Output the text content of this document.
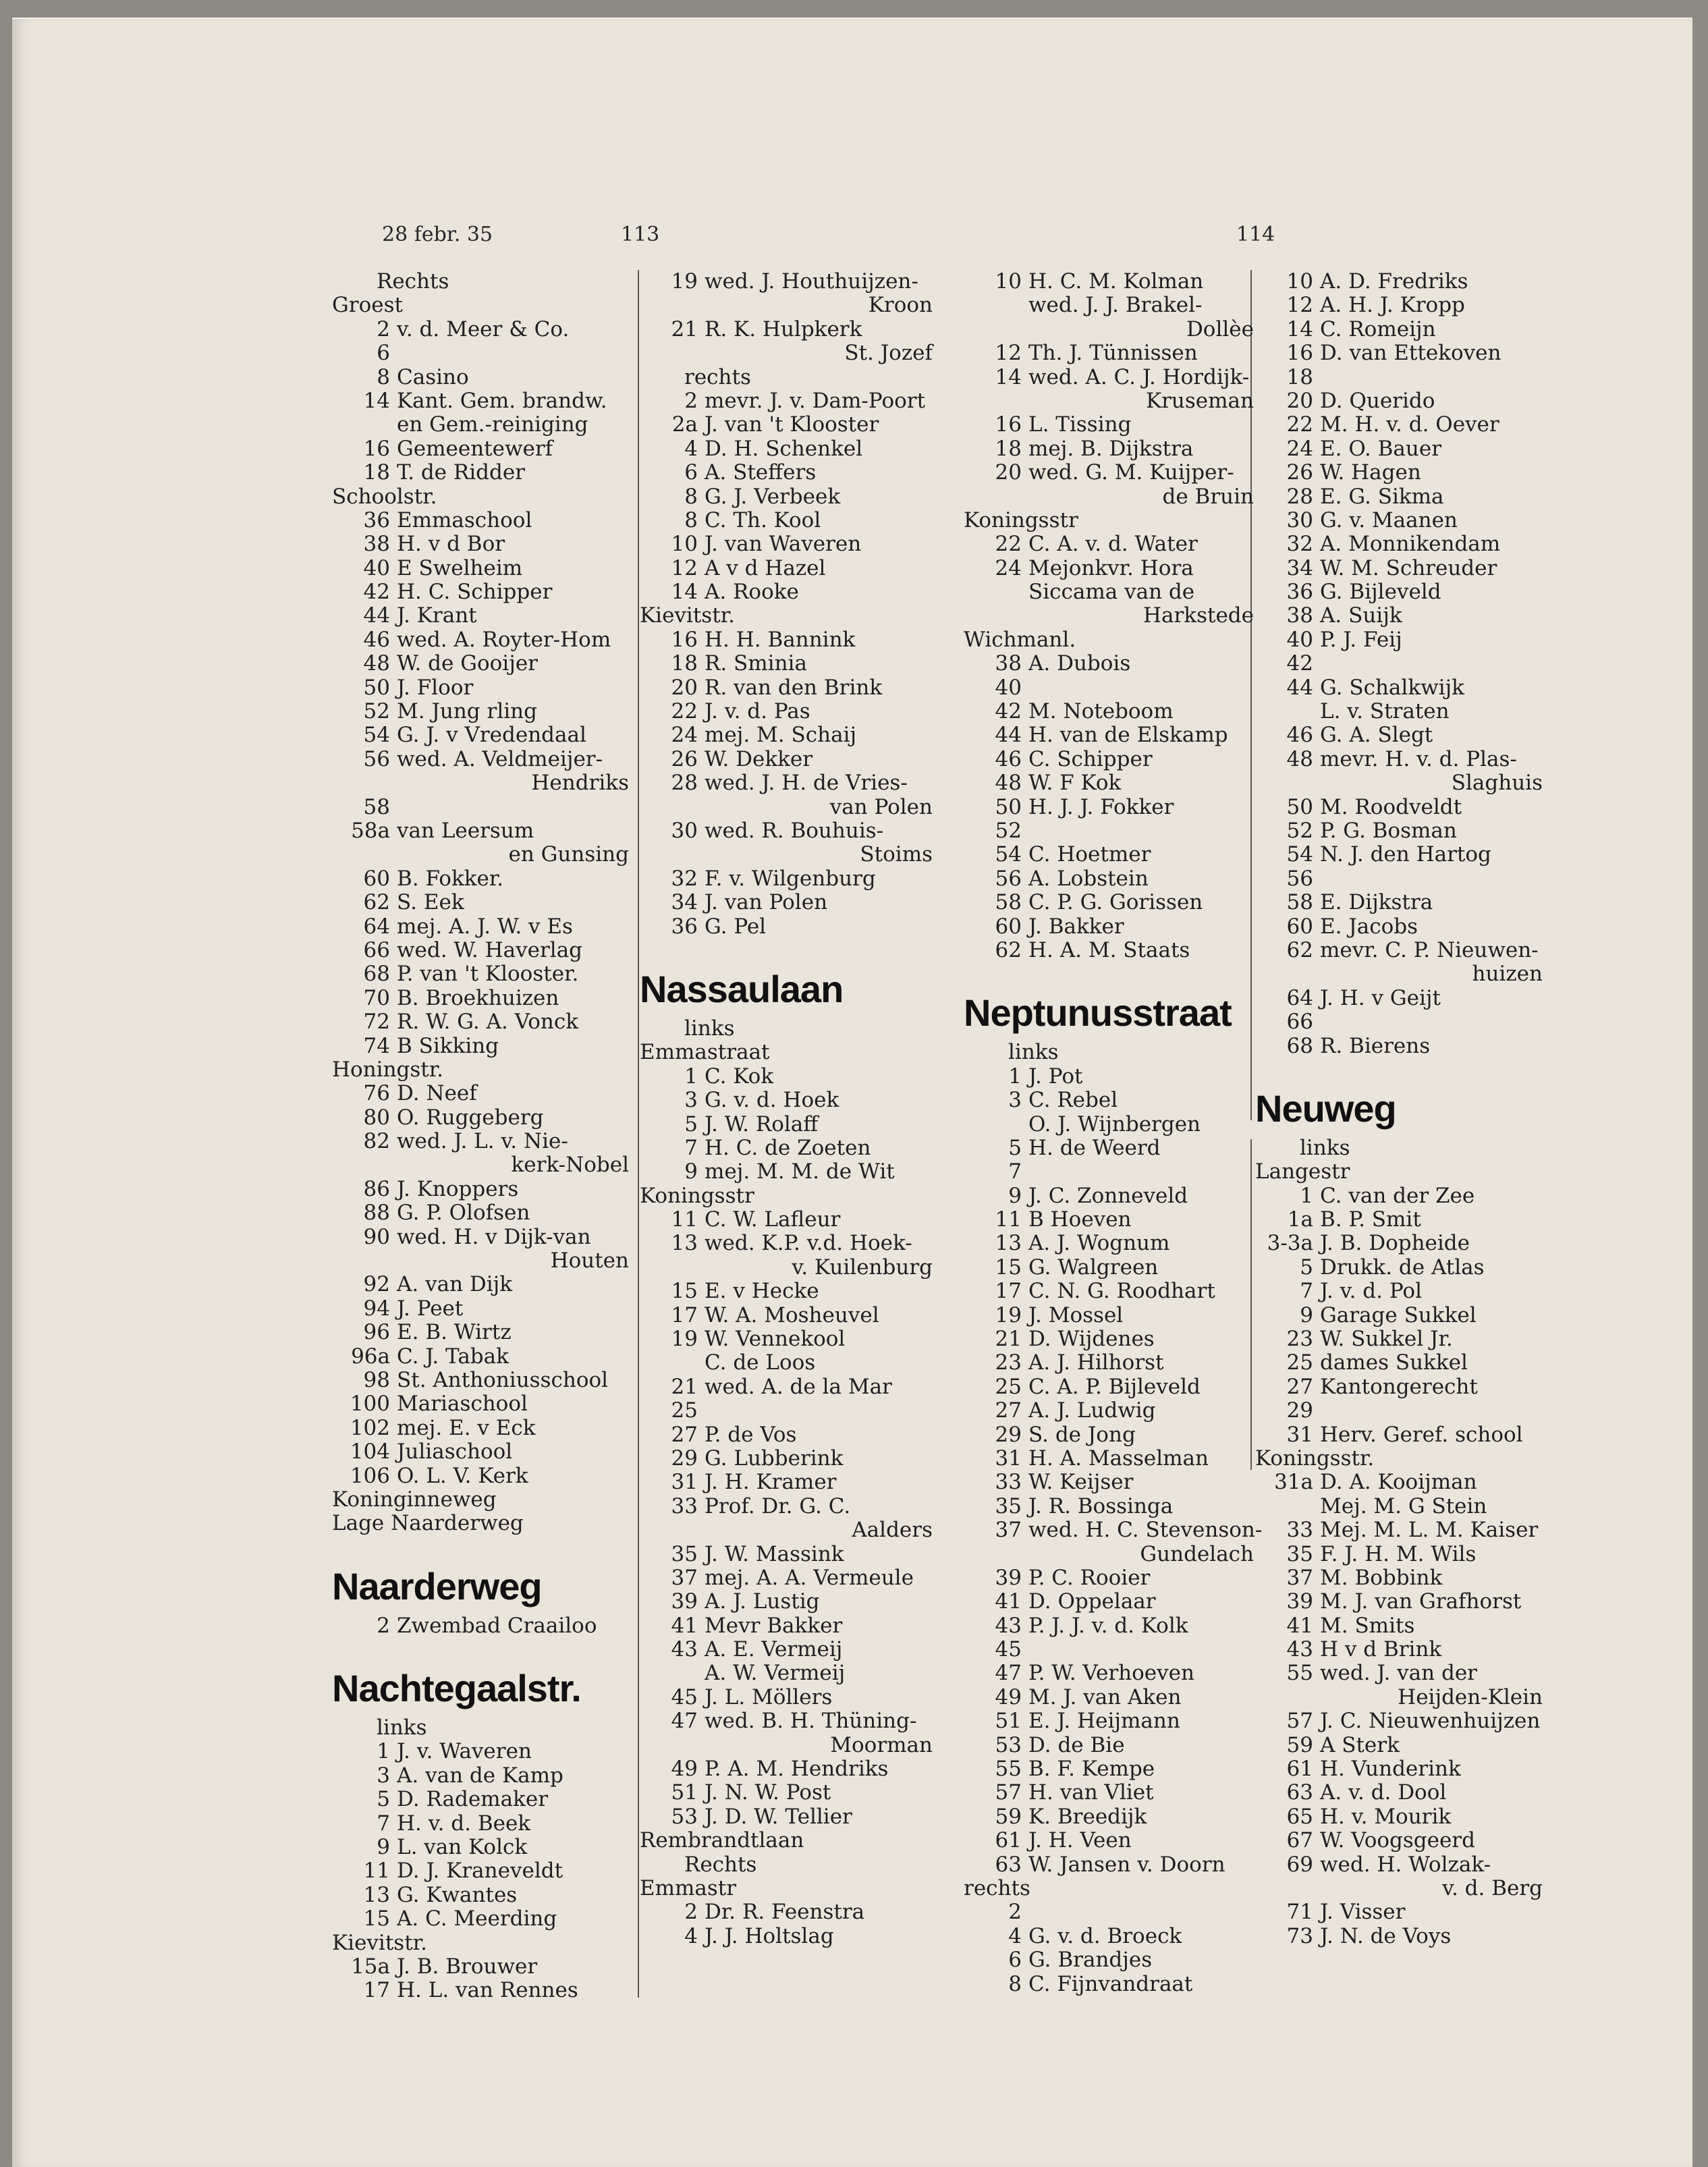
28 febr. 35	113	114
Rechts
Groest
2 v. d. Meer & Co.
6
8 Casino
14 Kant. Gem. brandw.
en Gem.-reiniging
16 Gemeentewerf
18 T. de Ridder
Schoolstr.
36 Emmaschool
38 H. v d Bor
40 E Swelheim
42 H. C. Schipper
44 J. Krant
46 wed. A. Royter-Hom
48 W. de Gooijer
50 J. Floor
52 M. Jung rling
54 G. J. v Vredendaal
56 wed. A. Veldmeijer-
Hendriks
58
58a van Leersum
en Gunsing
60 B. Fokker.
62 S. Eek
64 mej. A. J. W. v Es
66 wed. W. Haverlag
68 P. van 't Klooster.
70 B. Broekhuizen
72 R. W. G. A. Vonck
74 B Sikking
Honingstr.
76 D. Neef
80 O. Ruggeberg
82 wed. J. L. v. Nie-
kerk-Nobel
86 J. Knoppers
88 G. P. Olofsen
90 wed. H. v Dijk-van
Houten
92 A. van Dijk
94 J. Peet
96 E. B. Wirtz
96a C. J. Tabak
98 St. Anthoniusschool
100 Mariaschool
102 mej. E. v Eck
104 Juliaschool
106 O. L. V. Kerk
Koninginneweg
Lage Naarderweg
Naarderweg
2 Zwembad Craailoo
Nachtegaalstr.
links
1 J. v. Waveren
3 A. van de Kamp
5 D. Rademaker
7 H. v. d. Beek
9 L. van Kolck
11 D. J. Kraneveldt
13 G. Kwantes
15 A. C. Meerding
Kievitstr.
15a J. B. Brouwer
17 H. L. van Rennes
19 wed. J. Houthuijzen-
Kroon
21 R. K. Hulpkerk
St. Jozef
rechts
2 mevr. J. v. Dam-Poort
2a J. van 't Klooster
4 D. H. Schenkel
6 A. Steffers
8 G. J. Verbeek
8 C. Th. Kool
10 J. van Waveren
12 A v d Hazel
14 A. Rooke
Kievitstr.
16 H. H. Bannink
18 R. Sminia
20 R. van den Brink
22 J. v. d. Pas
24 mej. M. Schaij
26 W. Dekker
28 wed. J. H. de Vries-
van Polen
30 wed. R. Bouhuis-
Stoims
32 F. v. Wilgenburg
34 J. van Polen
36 G. Pel
Nassaulaan
links
Emmastraat
1 C. Kok
3 G. v. d. Hoek
5 J. W. Rolaff
7 H. C. de Zoeten
9 mej. M. M. de Wit
Koningsstr
11 C. W. Lafleur
13 wed. K.P. v.d. Hoek-
v. Kuilenburg
15 E. v Hecke
17 W. A. Mosheuvel
19 W. Vennekool
C. de Loos
21 wed. A. de la Mar
25
27 P. de Vos
29 G. Lubberink
31 J. H. Kramer
33 Prof. Dr. G. C.
Aalders
35 J. W. Massink
37 mej. A. A. Vermeule
39 A. J. Lustig
41 Mevr Bakker
43 A. E. Vermeij
A. W. Vermeij
45 J. L. Möllers
47 wed. B. H. Thüning-
Moorman
49 P. A. M. Hendriks
51 J. N. W. Post
53 J. D. W. Tellier
Rembrandtlaan
Rechts
Emmastr
2 Dr. R. Feenstra
4 J. J. Holtslag
10 H. C. M. Kolman
wed. J. J. Brakel-
Dollèe
12 Th. J. Tünnissen
14 wed. A. C. J. Hordijk-
Kruseman
16 L. Tissing
18 mej. B. Dijkstra
20 wed. G. M. Kuijper-
de Bruin
Koningsstr
22 C. A. v. d. Water
24 Mejonkvr. Hora
Siccama van de
Harkstede
Wichmanl.
38 A. Dubois
40
42 M. Noteboom
44 H. van de Elskamp
46 C. Schipper
48 W. F Kok
50 H. J. J. Fokker
52
54 C. Hoetmer
56 A. Lobstein
58 C. P. G. Gorissen
60 J. Bakker
62 H. A. M. Staats
Neptunusstraat
links
1 J. Pot
3 C. Rebel
O. J. Wijnbergen
5 H. de Weerd
7
9 J. C. Zonneveld
11 B Hoeven
13 A. J. Wognum
15 G. Walgreen
17 C. N. G. Roodhart
19 J. Mossel
21 D. Wijdenes
23 A. J. Hilhorst
25 C. A. P. Bijleveld
27 A. J. Ludwig
29 S. de Jong
31 H. A. Masselman
33 W. Keijser
35 J. R. Bossinga
37 wed. H. C. Stevenson-
Gundelach
39 P. C. Rooier
41 D. Oppelaar
43 P. J. J. v. d. Kolk
45
47 P. W. Verhoeven
49 M. J. van Aken
51 E. J. Heijmann
53 D. de Bie
55 B. F. Kempe
57 H. van Vliet
59 K. Breedijk
61 J. H. Veen
63 W. Jansen v. Doorn
rechts
2
4 G. v. d. Broeck
6 G. Brandjes
8 C. Fijnvandraat
10 A. D. Fredriks
12 A. H. J. Kropp
14 C. Romeijn
16 D. van Ettekoven
18
20 D. Querido
22 M. H. v. d. Oever
24 E. O. Bauer
26 W. Hagen
28 E. G. Sikma
30 G. v. Maanen
32 A. Monnikendam
34 W. M. Schreuder
36 G. Bijleveld
38 A. Suijk
40 P. J. Feij
42
44 G. Schalkwijk
L. v. Straten
46 G. A. Slegt
48 mevr. H. v. d. Plas-
Slaghuis
50 M. Roodveldt
52 P. G. Bosman
54 N. J. den Hartog
56
58 E. Dijkstra
60 E. Jacobs
62 mevr. C. P. Nieuwen-
huizen
64 J. H. v Geijt
66
68 R. Bierens
Neuweg
links
Langestr
1 C. van der Zee
1a B. P. Smit
3-3a J. B. Dopheide
5 Drukk. de Atlas
7 J. v. d. Pol
9 Garage Sukkel
23 W. Sukkel Jr.
25 dames Sukkel
27 Kantongerecht
29
31 Herv. Geref. school
Koningsstr.
31a D. A. Kooijman
Mej. M. G Stein
33 Mej. M. L. M. Kaiser
35 F. J. H. M. Wils
37 M. Bobbink
39 M. J. van Grafhorst
41 M. Smits
43 H v d Brink
55 wed. J. van der
Heijden-Klein
57 J. C. Nieuwenhuijzen
59 A Sterk
61 H. Vunderink
63 A. v. d. Dool
65 H. v. Mourik
67 W. Voogsgeerd
69 wed. H. Wolzak-
v. d. Berg
71 J. Visser
73 J. N. de Voys
